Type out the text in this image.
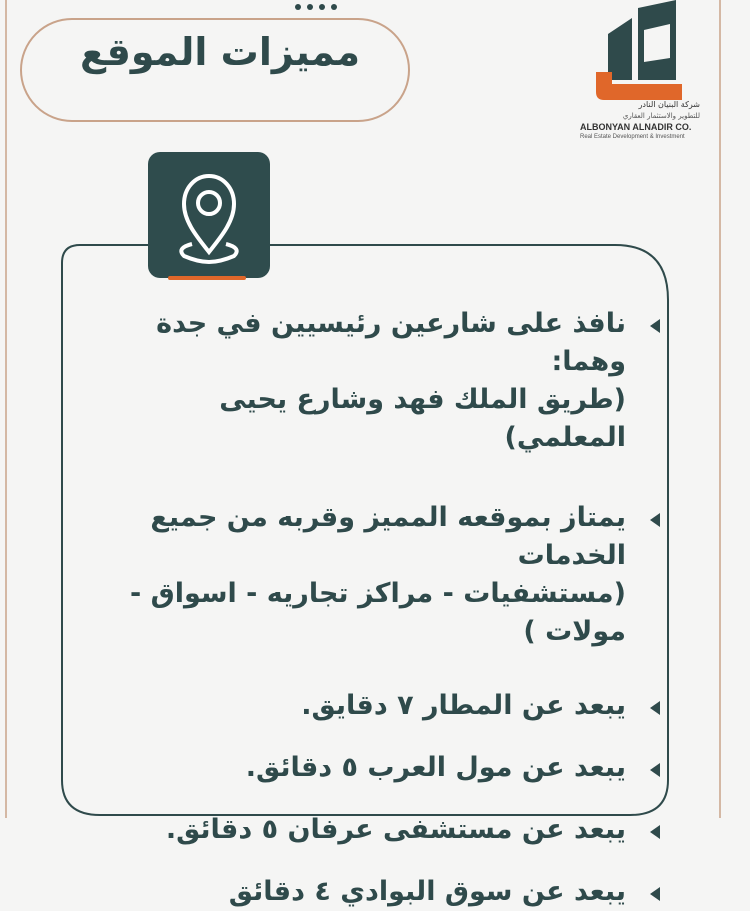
مميزات الموقع
شركة البنيان النادر
للتطوير والاستثمار العقاري
ALBONYAN ALNADIR CO.
Real Estate Development & Investment
نافذ على شارعين رئيسيين في جدة وهما:
(طريق الملك فهد وشارع يحيى المعلمي)
يمتاز بموقعه المميز وقربه من جميع الخدمات
(مستشفيات - مراكز تجاريه - اسواق - مولات )
يبعد عن المطار ٧ دقايق.
يبعد عن مول العرب ٥ دقائق.
يبعد عن مستشفى عرفان ٥ دقائق.
يبعد عن سوق البوادي ٤ دقائق
